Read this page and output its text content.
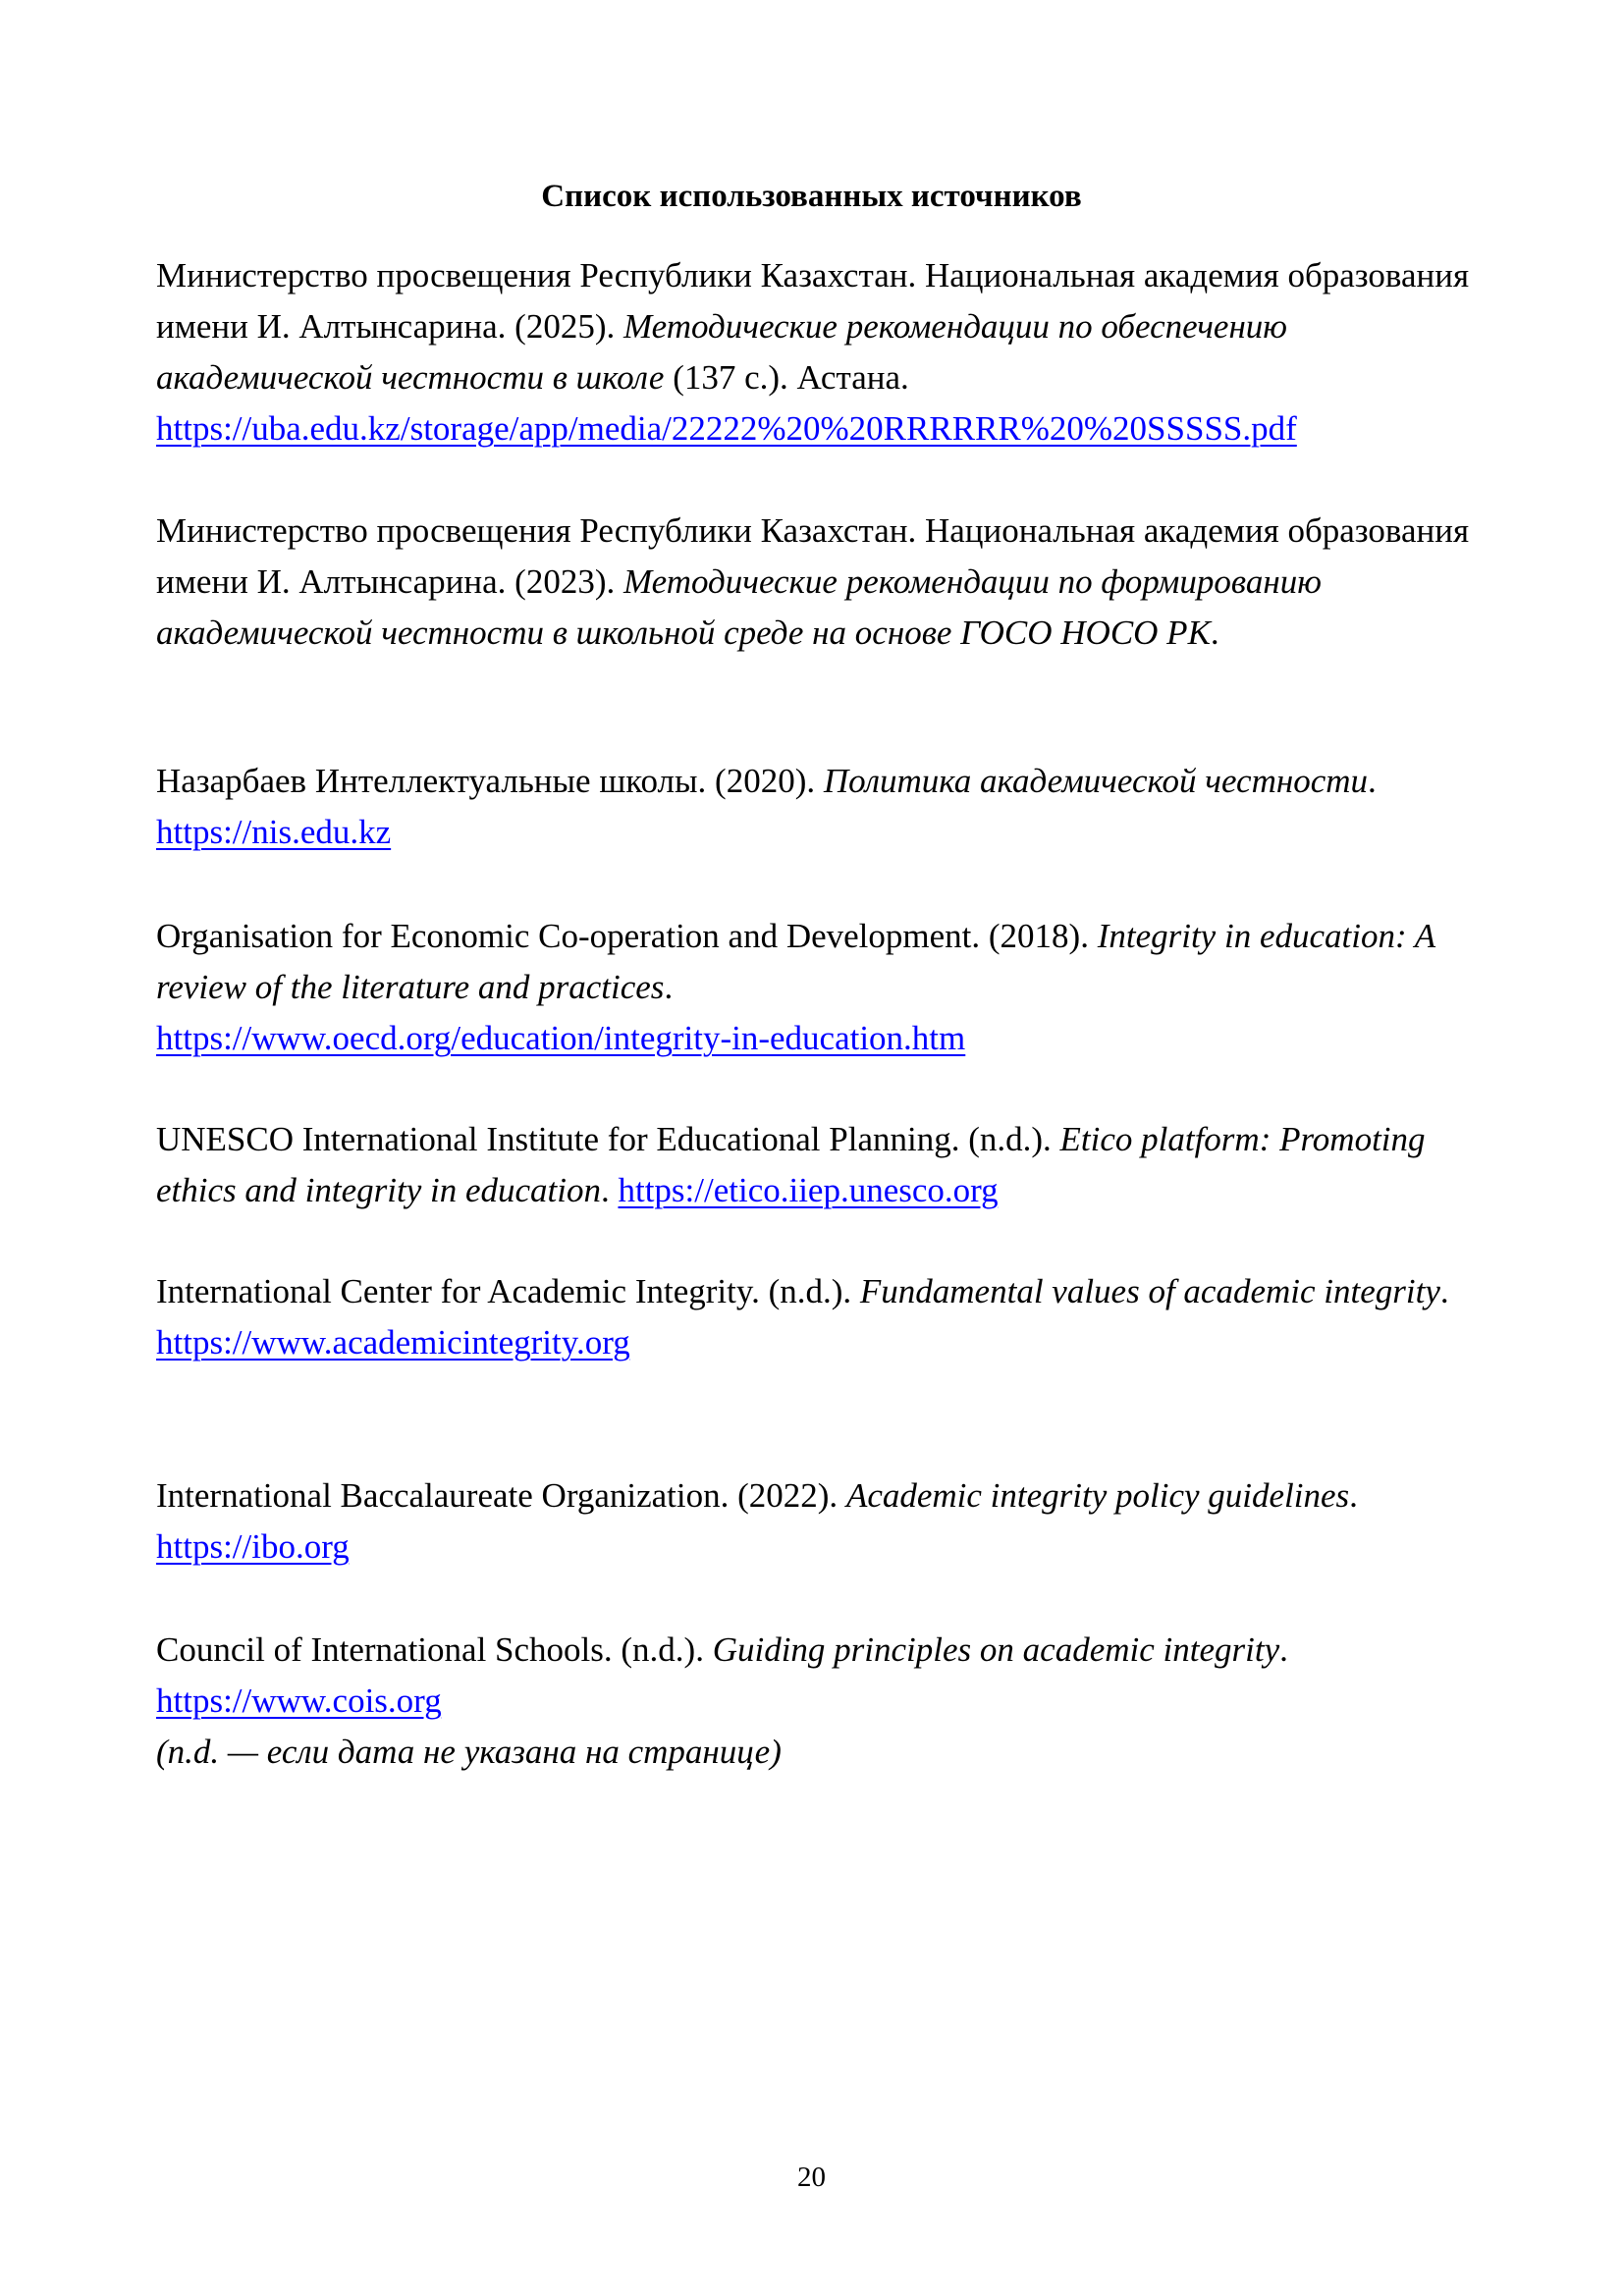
Список использованных источников

Министерство просвещения Республики Казахстан. Национальная академия образования имени И. Алтынсарина. (2025). Методические рекомендации по обеспечению академической честности в школе (137 с.). Астана.
https://uba.edu.kz/storage/app/media/22222%20%20RRRRRR%20%20SSSSS.pdf

Министерство просвещения Республики Казахстан. Национальная академия образования имени И. Алтынсарина. (2023). Методические рекомендации по формированию академической честности в школьной среде на основе ГОСО НОСО РК.

Назарбаев Интеллектуальные школы. (2020). Политика академической честности. https://nis.edu.kz

Organisation for Economic Co-operation and Development. (2018). Integrity in education: A review of the literature and practices.
https://www.oecd.org/education/integrity-in-education.htm

UNESCO International Institute for Educational Planning. (n.d.). Etico platform: Promoting ethics and integrity in education. https://etico.iiep.unesco.org

International Center for Academic Integrity. (n.d.). Fundamental values of academic integrity. https://www.academicintegrity.org

International Baccalaureate Organization. (2022). Academic integrity policy guidelines. https://ibo.org

Council of International Schools. (n.d.). Guiding principles on academic integrity.
https://www.cois.org
(n.d. — если дата не указана на странице)

20
